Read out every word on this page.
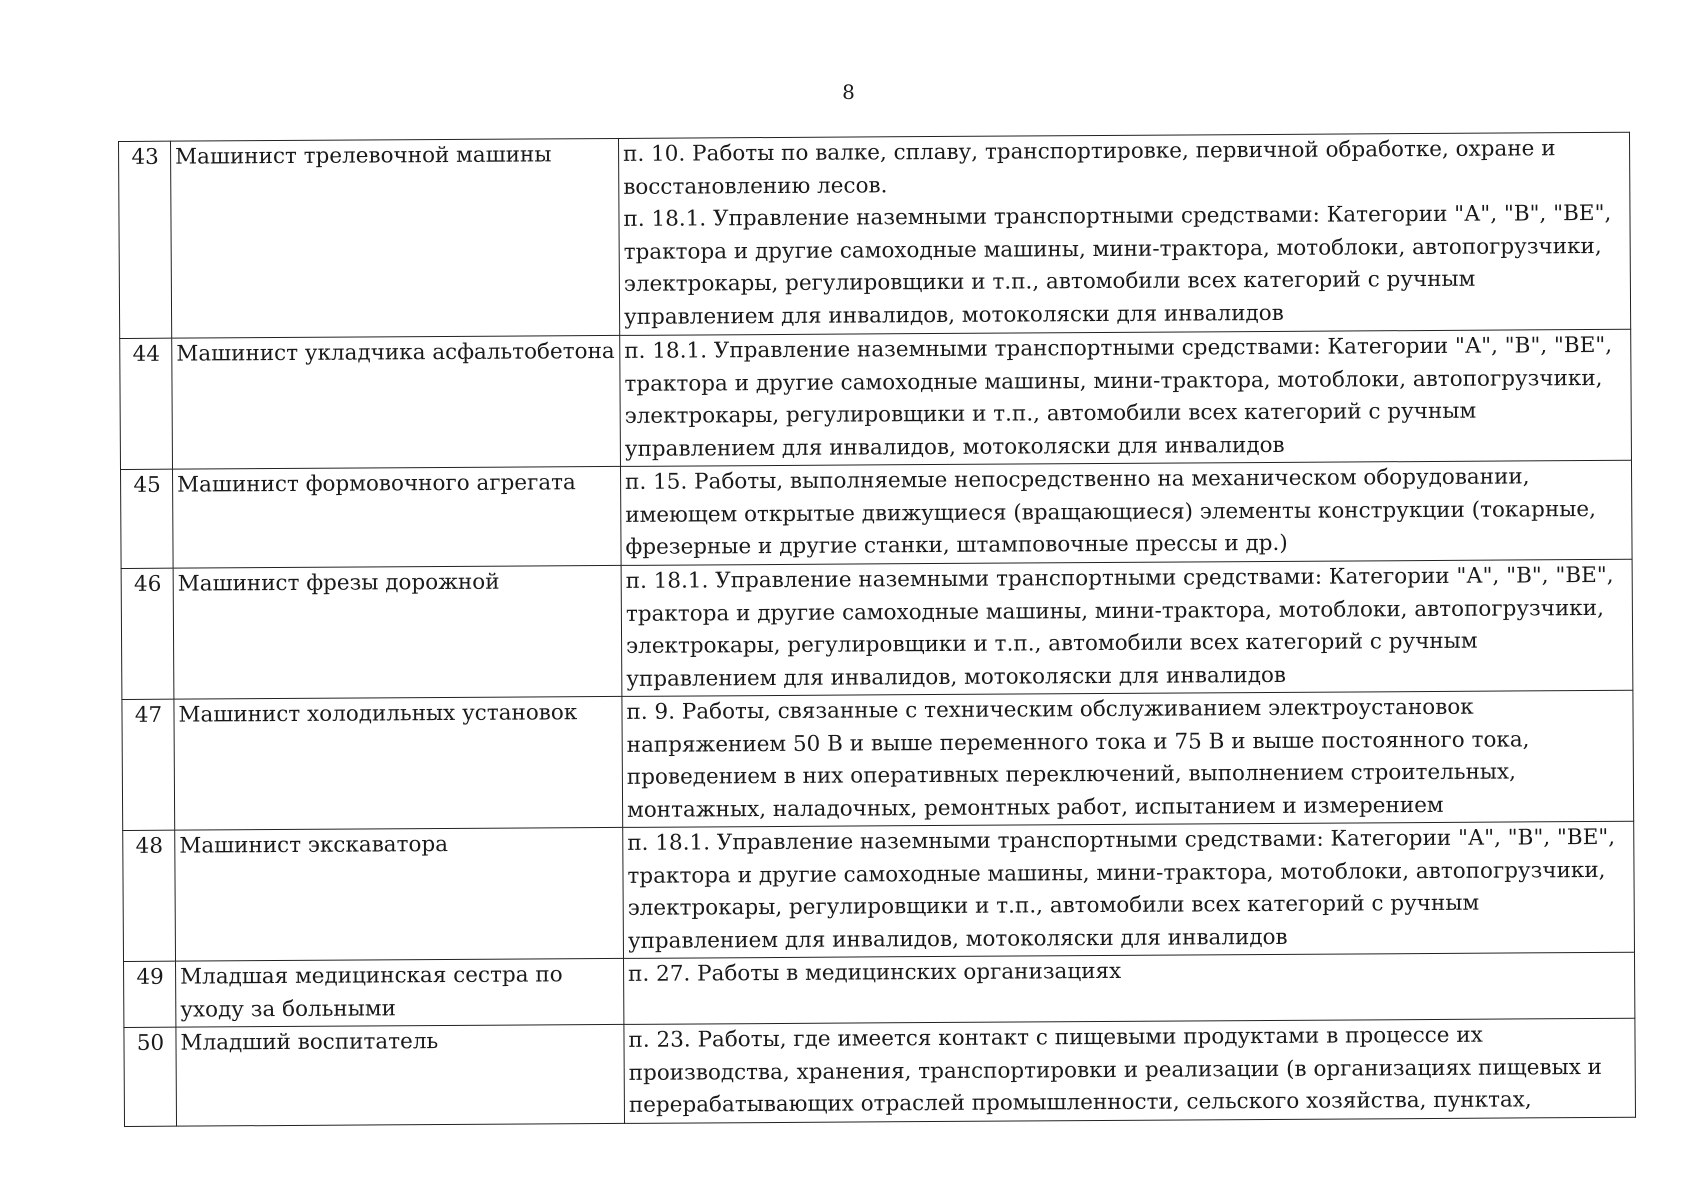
8
43	Машинист трелевочной машины	п. 10. Работы по валке, сплаву, транспортировке, первичной обработке, охране и восстановлению лесов.
п. 18.1. Управление наземными транспортными средствами: Категории "А", "В", "ВЕ", трактора и другие самоходные машины, мини-трактора, мотоблоки, автопогрузчики, электрокары, регулировщики и т.п., автомобили всех категорий с ручным управлением для инвалидов, мотоколяски для инвалидов

44	Машинист укладчика асфальтобетона	п. 18.1. Управление наземными транспортными средствами: Категории "А", "В", "ВЕ", трактора и другие самоходные машины, мини-трактора, мотоблоки, автопогрузчики, электрокары, регулировщики и т.п., автомобили всех категорий с ручным управлением для инвалидов, мотоколяски для инвалидов

45	Машинист формовочного агрегата	п. 15. Работы, выполняемые непосредственно на механическом оборудовании, имеющем открытые движущиеся (вращающиеся) элементы конструкции (токарные, фрезерные и другие станки, штамповочные прессы и др.)

46	Машинист фрезы дорожной	п. 18.1. Управление наземными транспортными средствами: Категории "А", "В", "ВЕ", трактора и другие самоходные машины, мини-трактора, мотоблоки, автопогрузчики, электрокары, регулировщики и т.п., автомобили всех категорий с ручным управлением для инвалидов, мотоколяски для инвалидов

47	Машинист холодильных установок	п. 9. Работы, связанные с техническим обслуживанием электроустановок напряжением 50 В и выше переменного тока и 75 В и выше постоянного тока, проведением в них оперативных переключений, выполнением строительных, монтажных, наладочных, ремонтных работ, испытанием и измерением

48	Машинист экскаватора	п. 18.1. Управление наземными транспортными средствами: Категории "А", "В", "ВЕ", трактора и другие самоходные машины, мини-трактора, мотоблоки, автопогрузчики, электрокары, регулировщики и т.п., автомобили всех категорий с ручным управлением для инвалидов, мотоколяски для инвалидов

49	Младшая медицинская сестра по уходу за больными	п. 27. Работы в медицинских организациях

50	Младший воспитатель	п. 23. Работы, где имеется контакт с пищевыми продуктами в процессе их производства, хранения, транспортировки и реализации (в организациях пищевых и перерабатывающих отраслей промышленности, сельского хозяйства, пунктах,
